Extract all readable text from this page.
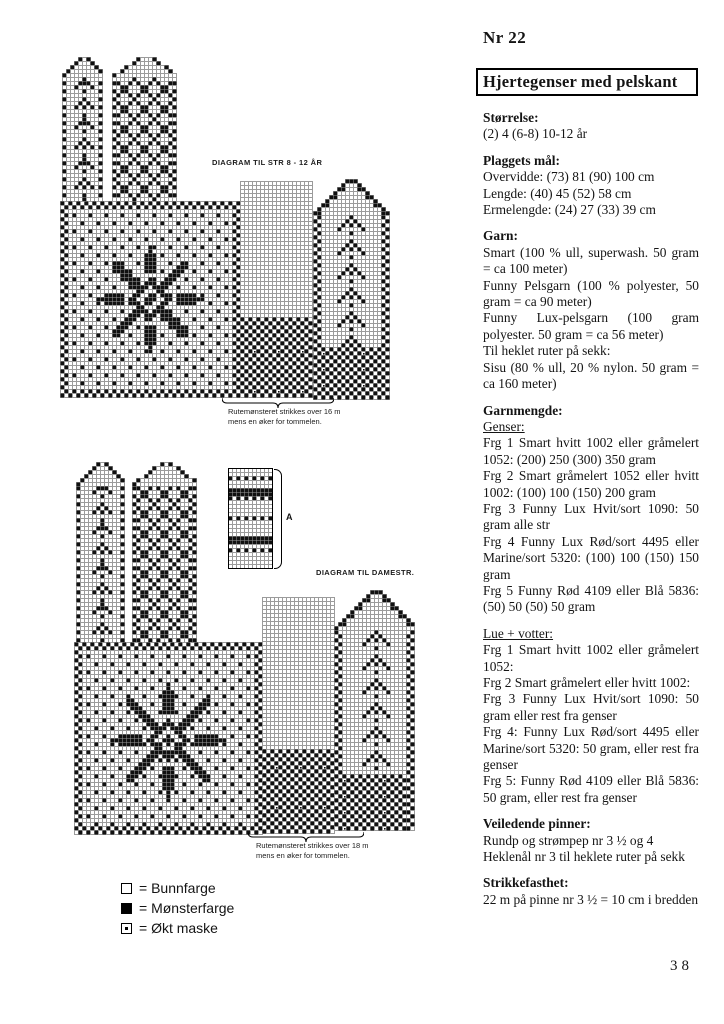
Nr 22
Hjertegenser med pelskant
Størrelse:
(2) 4 (6-8) 10-12 år
Plaggets mål:
Overvidde: (73) 81 (90) 100 cm
Lengde: (40) 45 (52) 58 cm
Ermelengde: (24) 27 (33) 39 cm
Garn:
Smart (100 % ull, superwash. 50 gram = ca 100 meter)
Funny Pelsgarn (100 % polyester, 50 gram = ca 90 meter)
Funny Lux-pelsgarn (100 gram polyester. 50 gram = ca 56 meter)
Til heklet ruter på sekk:
Sisu (80 % ull, 20 % nylon. 50 gram = ca 160 meter)
Garnmengde:
Genser:
Frg 1 Smart hvitt 1002 eller gråmelert 1052: (200) 250 (300) 350 gram
Frg 2 Smart gråmelert 1052 eller hvitt 1002: (100) 100 (150) 200 gram
Frg 3 Funny Lux Hvit/sort 1090: 50 gram alle str
Frg 4 Funny Lux Rød/sort 4495 eller Marine/sort 5320: (100) 100 (150) 150 gram
Frg 5 Funny Rød 4109 eller Blå 5836: (50) 50 (50) 50 gram
Lue + votter:
Frg 1 Smart hvitt 1002 eller gråmelert 1052:
Frg 2 Smart gråmelert eller hvitt 1002:
Frg 3 Funny Lux Hvit/sort 1090: 50 gram eller rest fra genser
Frg 4: Funny Lux Rød/sort 4495 eller Marine/sort 5320: 50 gram, eller rest fra genser
Frg 5: Funny Rød 4109 eller Blå 5836: 50 gram, eller rest fra genser
Veiledende pinner:
Rundp og strømpep nr 3 ½ og 4
Heklenål nr 3 til heklete ruter på sekk
Strikkefasthet:
22 m på pinne nr 3 ½ = 10 cm i bredden
38
DIAGRAM TIL STR 8 - 12 ÅR
DIAGRAM TIL DAMESTR.
Rutemønsteret strikkes over 16 m
mens en øker for tommelen.
Rutemønsteret strikkes over 18 m
mens en øker for tommelen.
A
= Bunnfarge
= Mønsterfarge
= Økt maske
